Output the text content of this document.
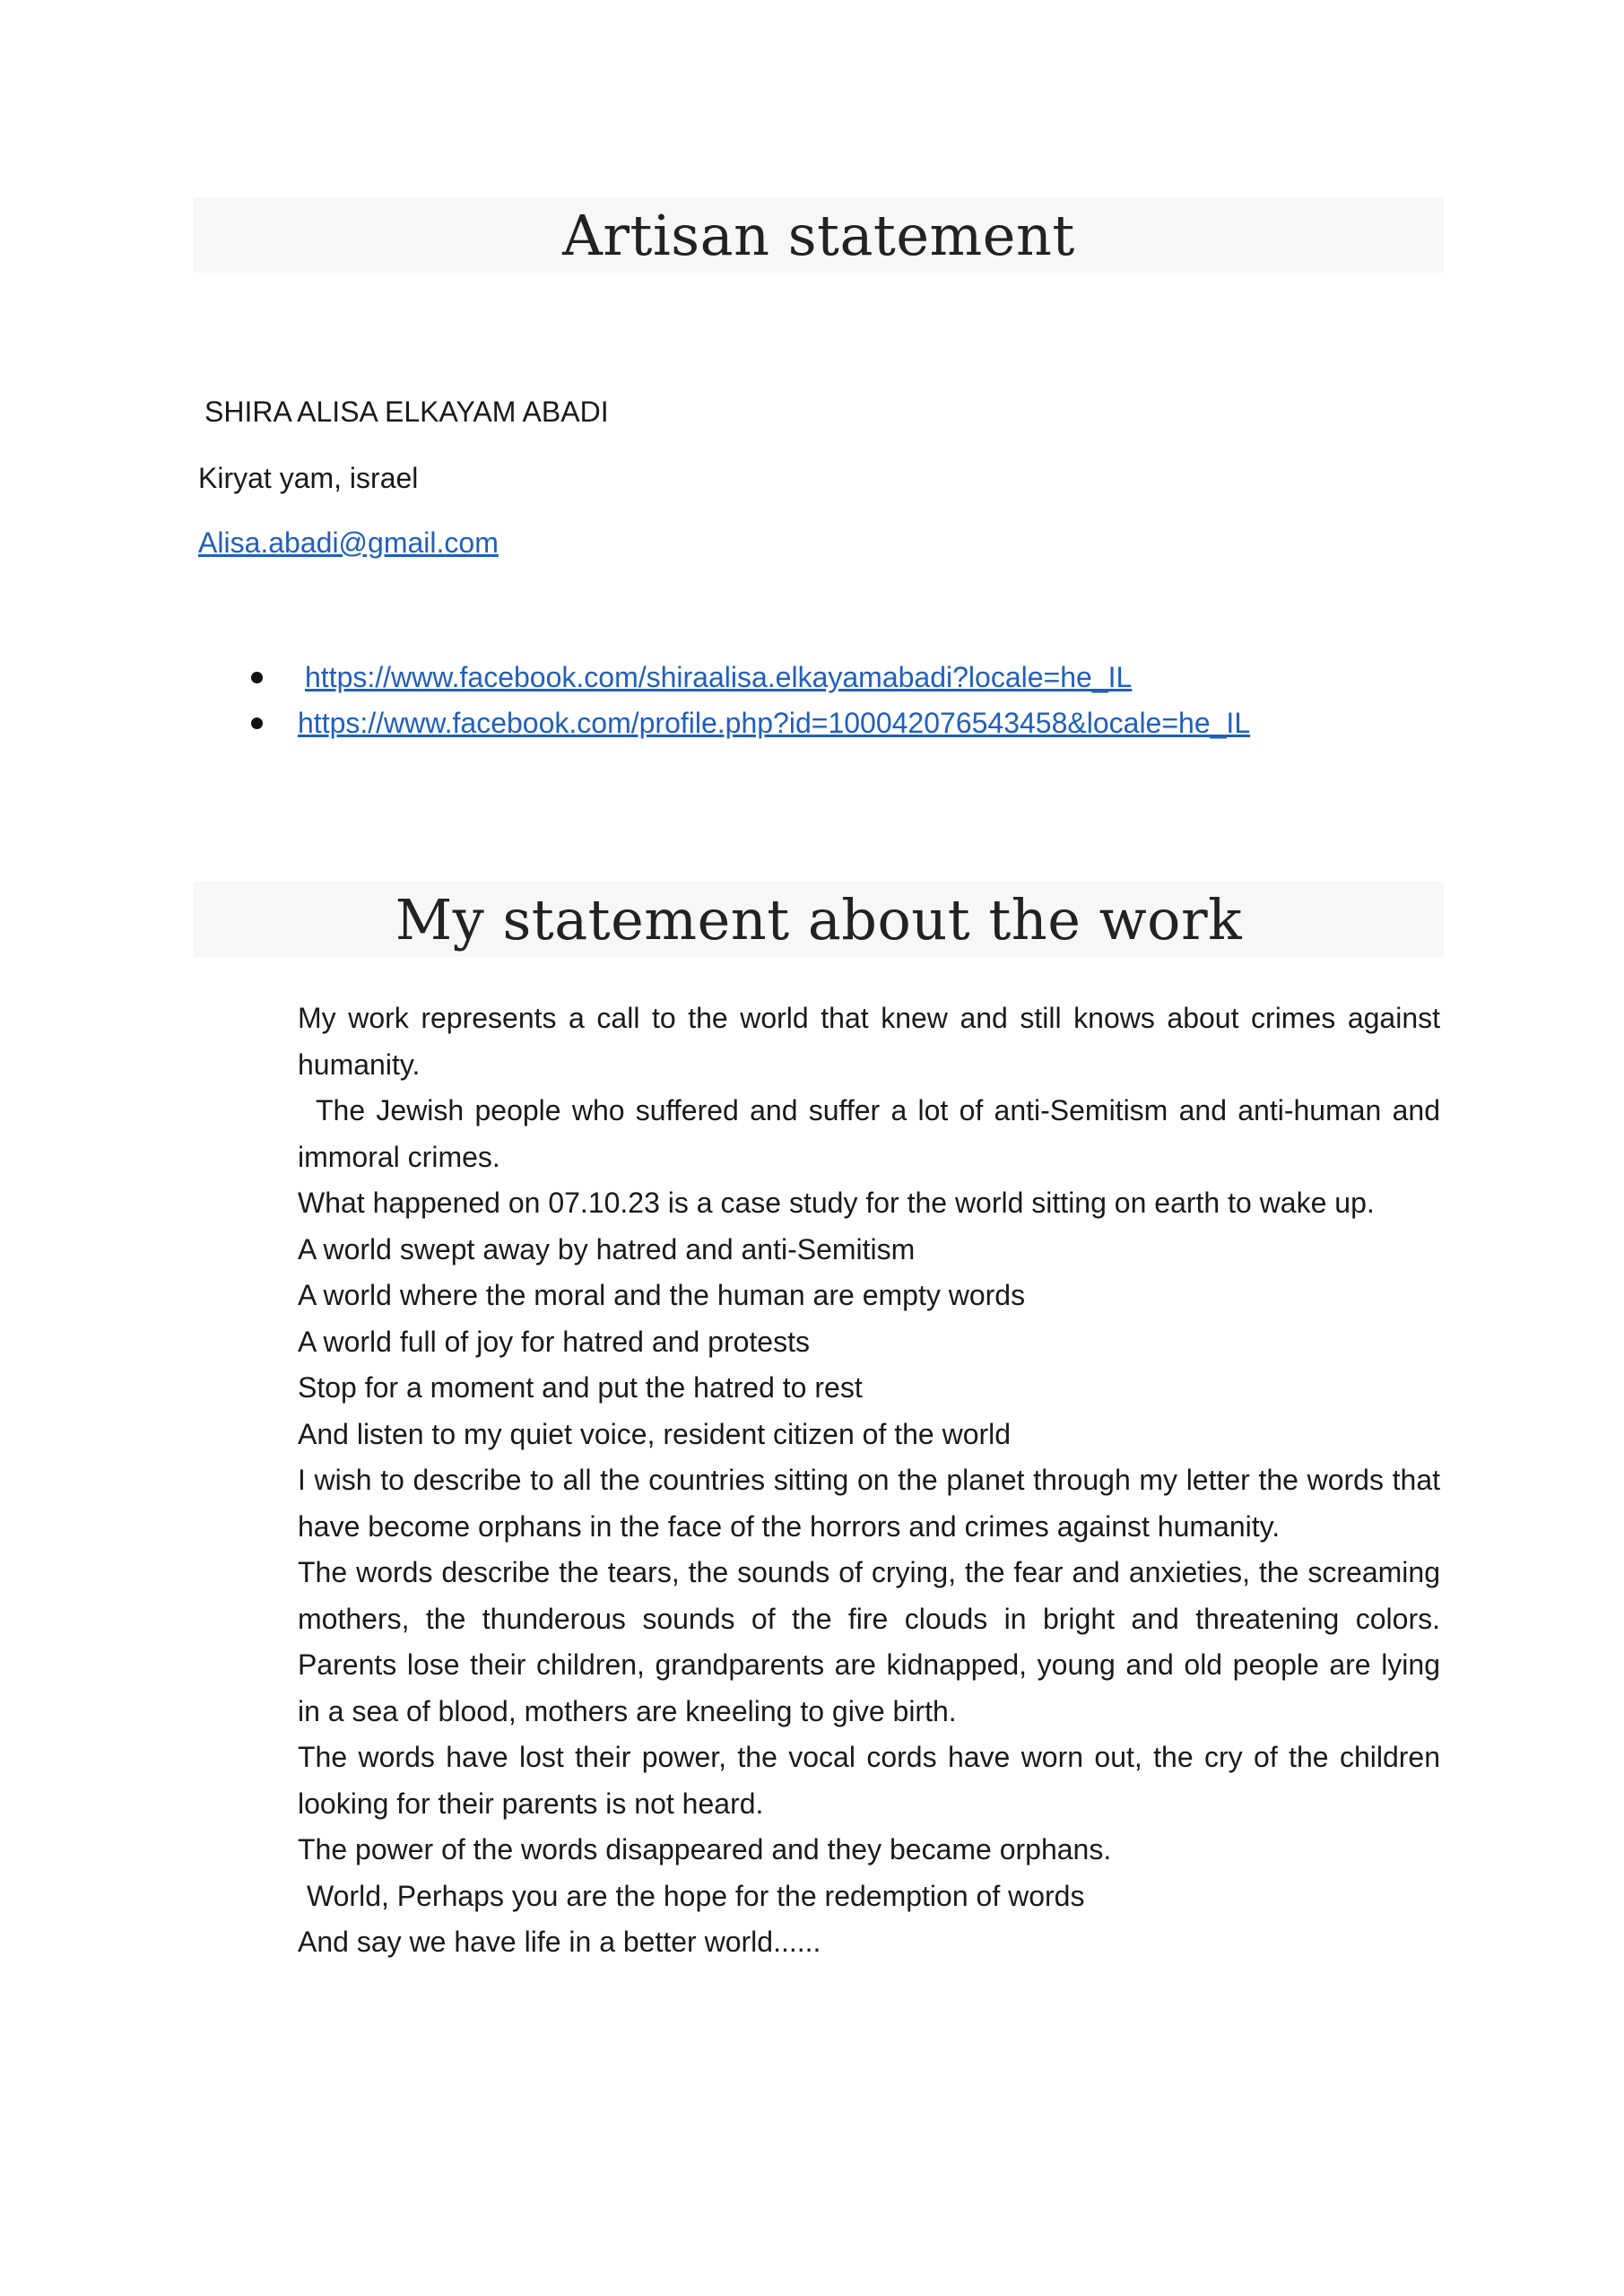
Artisan statement
SHIRA ALISA ELKAYAM ABADI
Kiryat yam, israel
Alisa.abadi@gmail.com
https://www.facebook.com/shiraalisa.elkayamabadi?locale=he_IL
https://www.facebook.com/profile.php?id=100042076543458&locale=he_IL
My statement about the work

My work represents a call to the world that knew and still knows about crimes against humanity.

The Jewish people who suffered and suffer a lot of anti-Semitism and anti-human and immoral crimes.

What happened on 07.10.23 is a case study for the world sitting on earth to wake up.

A world swept away by hatred and anti-Semitism

A world where the moral and the human are empty words

A world full of joy for hatred and protests

Stop for a moment and put the hatred to rest

And listen to my quiet voice, resident citizen of the world

I wish to describe to all the countries sitting on the planet through my letter the words that have become orphans in the face of the horrors and crimes against humanity.

The words describe the tears, the sounds of crying, the fear and anxieties, the screaming mothers, the thunderous sounds of the fire clouds in bright and threatening colors. Parents lose their children, grandparents are kidnapped, young and old people are lying in a sea of blood, mothers are kneeling to give birth.

The words have lost their power, the vocal cords have worn out, the cry of the children looking for their parents is not heard.

The power of the words disappeared and they became orphans.

World, Perhaps you are the hope for the redemption of words

And say we have life in a better world......
